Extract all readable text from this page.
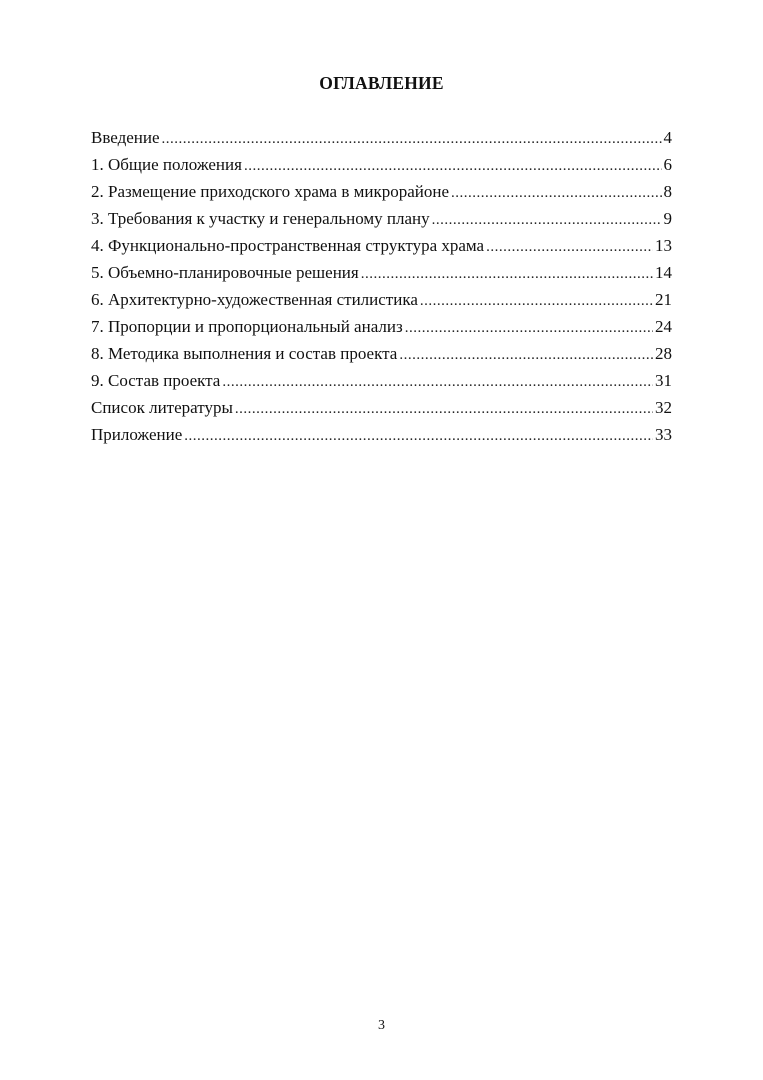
ОГЛАВЛЕНИЕ
Введение .....	4
1. Общие положения .....	6
2. Размещение приходского храма в микрорайоне .....	8
3. Требования к участку и генеральному плану .....	9
4. Функционально-пространственная структура храма .....	13
5. Объемно-планировочные решения .....	14
6. Архитектурно-художественная стилистика .....	21
7. Пропорции и пропорциональный анализ .....	24
8. Методика выполнения и состав проекта .....	28
9. Состав проекта .....	31
Список литературы .....	32
Приложение .....	33
3
